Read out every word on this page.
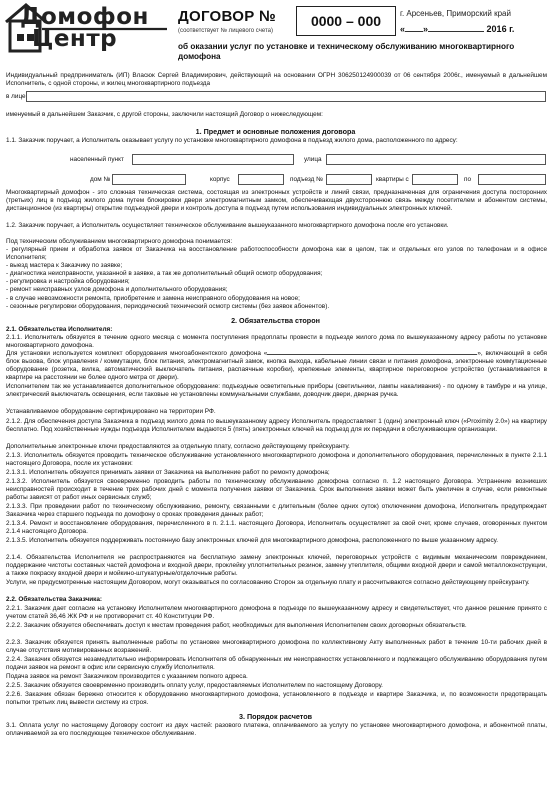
Домофон
Центр
ДОГОВОР №	0000 – 000
(соответствует № лицевого счета)
г. Арсеньев, Приморский край
« »	2016 г.
об оказании услуг по установке и техническому обслуживанию многоквартирного домофона
Индивидуальный предприниматель (ИП) Власюк Сергей Владимирович, действующий на основании ОГРН 306250124900039 от 06 сентября 2006г., именуемый в дальнейшем Исполнитель, с одной стороны, и жилец многоквартирного подъезда
в лице
именуемый в дальнейшем Заказчик, с другой стороны, заключили настоящий Договор о нижеследующем:
1. Предмет и основные положения договора
1.1. Заказчик поручает, а Исполнитель оказывает услугу по установке многоквартирного домофона в подъезд жилого дома, расположенного по адресу:
населенный пункт	улица
дом №	корпус	подъезд №	квартиры с	по
Многоквартирный домофон - это сложная техническая система, состоящая из электронных устройств и линий связи, предназначенная для ограничения доступа посторонних (третьих) лиц в подъезд жилого дома путем блокировки двери электромагнитным замком, обеспечивающая двухстороннюю связь между посетителем и абонентом системы, дистанционное (из квартиры) открытие подъездной двери и контроль доступа в подъезд путем использования индивидуальных электронных ключей.
1.2. Заказчик поручает, а Исполнитель осуществляет техническое обслуживание вышеуказанного многоквартирного домофона после его установки.
Под техническим обслуживанием многоквартирного домофона понимается:

- регулярный прием и обработка заявок от Заказчика на восстановление работоспособности домофона как в целом, так и отдельных его узлов по телефонам и в офисе Исполнителя;

- выезд мастера к Заказчику по заявке;

- диагностика неисправности, указанной в заявке, а так же дополнительный общий осмотр оборудования;

- регулировка и настройка оборудования;

- ремонт неисправных узлов домофона и дополнительного оборудования;

- в случае невозможности ремонта, приобретение и замена неисправного оборудования на новое;

- сезонные регулировки оборудования, периодический технический осмотр системы (без заявок абонентов).

2. Обязательства сторон
2.1. Обязательства Исполнителя:
2.1.1. Исполнитель обязуется в течение одного месяца с момента поступления предоплаты провести в подъезде жилого дома по вышеуказанному адресу работы по установке многоквартирного домофона.
Для установки используется комплект оборудования многоабонентского домофона «	», включающий в себя блок вызова, блок управления / коммутации, блок питания, электромагнитный замок, кнопка выхода, кабельные линии связи и питания домофона, электронные коммутационные оборудование (розетка, вилка, автоматический выключатель питания, распаячные коробки), крепежные элементы, квартирное переговорное устройство (устанавливается в квартире на расстоянии не более одного метра от двери).
Исполнителем так же устанавливается дополнительное оборудование: подъездные осветительные приборы (светильники, лампы накаливания) - по одному в тамбуре и на улице, электрический выключатель освещения, если таковые не установлены коммунальными службами, доводчик двери, дверная ручка.
Устанавливаемое оборудование сертифицировано на территории РФ.
2.1.2. Для обеспечения доступа Заказчика в подъезд жилого дома по вышеуказанному адресу Исполнитель предоставляет 1 (один) электронный ключ («Proximity 2.0») на квартиру бесплатно. Под хозяйственные нужды подъезда Исполнителем выдаются 5 (пять) электронных ключей на подъезд для их передачи в обслуживающие организации.
Дополнительные электронные ключи предоставляются за отдельную плату, согласно действующему прейскуранту.
2.1.3. Исполнитель обязуется проводить техническое обслуживание установленного многоквартирного домофона и дополнительного оборудования, перечисленных в пункте 2.1.1 настоящего Договора, после их установки:
2.1.3.1. Исполнитель обязуется принимать заявки от Заказчика на выполнение работ по ремонту домофона;
2.1.3.2. Исполнитель обязуется своевременно проводить работы по техническому обслуживанию домофона согласно п. 1.2 настоящего Договора. Устранение возникших неисправностей происходит в течение трех рабочих дней с момента получения заявки от Заказчика. Срок выполнения заявки может быть увеличен в случае, если ремонтные работы зависят от работ иных сервисных служб;
2.1.3.3. При проведении работ по техническому обслуживанию, ремонту, связанными с длительным (более одних суток) отключением домофона, Исполнитель предупреждает Заказчика через старшего подъезда по домофону о сроках проведения данных работ;
2.1.3.4. Ремонт и восстановление оборудования, перечисленного в п. 2.1.1. настоящего Договора, Исполнитель осуществляет за свой счет, кроме случаев, оговоренных пунктом 2.1.4 настоящего Договора.
2.1.3.5. Исполнитель обязуется поддерживать постоянную базу электронных ключей для многоквартирного домофона, расположенного по выше указанному адресу.
2.1.4. Обязательства Исполнителя не распространяются на бесплатную замену электронных ключей, переговорных устройств с видимым механическим повреждением, поддержание чистоты составных частей домофона и входной двери, проклейку уплотнительных резинок, замену утеплителя, общими входной двери и самой металлоконструкции, а также покраску входной двери и мойкино-штукатурные/отделочные работы.
Услуги, не предусмотренные настоящим Договором, могут оказываться по согласованию Сторон за отдельную плату и рассчитываются согласно действующему прейскуранту.
2.2. Обязательства Заказчика:
2.2.1. Заказчик дает согласие на установку Исполнителем многоквартирного домофона в подъезде по вышеуказанному адресу и свидетельствует, что данное решение принято с учетом статей 36,46 ЖК РФ и не противоречит ст. 40 Конституции РФ.
2.2.2. Заказчик обязуется обеспечивать доступ к местам проведения работ, необходимых для выполнения Исполнителем своих договорных обязательств.
2.2.3. Заказчик обязуется принять выполненные работы по установке многоквартирного домофона по коллективному Акту выполненных работ в течение 10-ти рабочих дней в случае отсутствия мотивированных возражений.
2.2.4. Заказчик обязуется незамедлительно информировать Исполнителя об обнаруженных им неисправностях установленного и подлежащего обслуживанию оборудования путем подачи заявок на ремонт в офис или сервисную службу Исполнителя.
Подача заявок на ремонт Заказчиком производится с указанием полного адреса.
2.2.5. Заказчик обязуется своевременно производить оплату услуг, предоставляемых Исполнителем по настоящему Договору.
2.2.6. Заказчик обязан бережно относится к оборудованию многоквартирного домофона, установленного в подъезде и квартире Заказчика, и, по возможности предотвращать попытки третьих лиц вывести систему из строя.
3. Порядок расчетов
3.1. Оплата услуг по настоящему Договору состоит из двух частей: разового платежа, оплачиваемого за услугу по установке многоквартирного домофона, и абонентной платы, оплачиваемой за его последующее техническое обслуживание.
